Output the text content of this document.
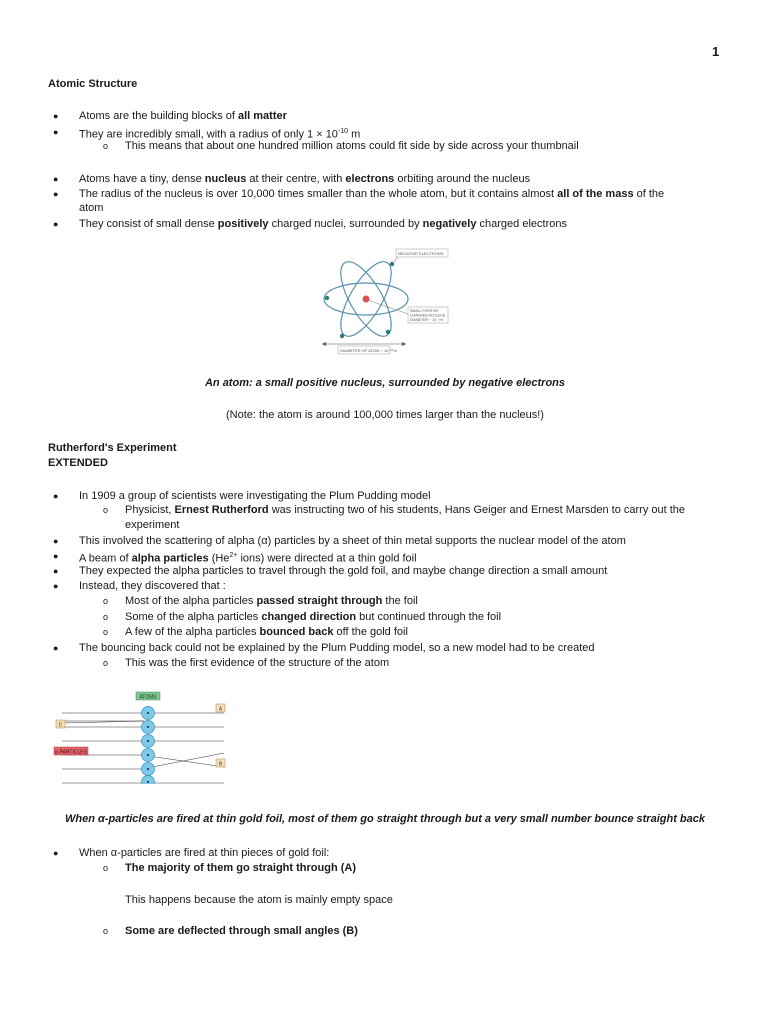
1
Atomic Structure
● Atoms are the building blocks of all matter
● They are incredibly small, with a radius of only $1 \times 10^{-10}$ m
o This means that about one hundred million atoms could fit side by side across your thumbnail
● Atoms have a tiny, dense nucleus at their centre, with electrons orbiting around the nucleus
● The radius of the nucleus is over 10,000 times smaller than the whole atom, but it contains almost all of the mass of the
atom
● They consist of small dense positively charged nuclei, surrounded by negatively charged electrons
NEGATIVE ELECTRONS
SMALL POSITIVE
CHARGED NUCLEUS
DIAMETER ~ 10⁻¹⁴m
DIAMETER OF ATOM ~ 10⁻¹⁰m
An atom: a small positive nucleus, surrounded by negative electrons
(Note: the atom is around 100,000 times larger than the nucleus!)
Rutherford's Experiment
EXTENDED
● In 1909 a group of scientists were investigating the Plum Pudding model
o Physicist, Ernest Rutherford was instructing two of his students, Hans Geiger and Ernest Marsden to carry out the
experiment
● This involved the scattering of alpha (α) particles by a sheet of thin metal supports the nuclear model of the atom
● A beam of alpha particles ($He^{2+}$ ions) were directed at a thin gold foil
● They expected the alpha particles to travel through the gold foil, and maybe change direction a small amount
● Instead, they discovered that :
o Most of the alpha particles passed straight through the foil
o Some of the alpha particles changed direction but continued through the foil
o A few of the alpha particles bounced back off the gold foil
● The bouncing back could not be explained by the Plum Pudding model, so a new model had to be created
o This was the first evidence of the structure of the atom
ATOMS
A
B
C
α-PARTICLES
When α-particles are fired at thin gold foil, most of them go straight through but a very small number bounce straight back
● When α-particles are fired at thin pieces of gold foil:
o The majority of them go straight through (A)
This happens because the atom is mainly empty space
o Some are deflected through small angles (B)
